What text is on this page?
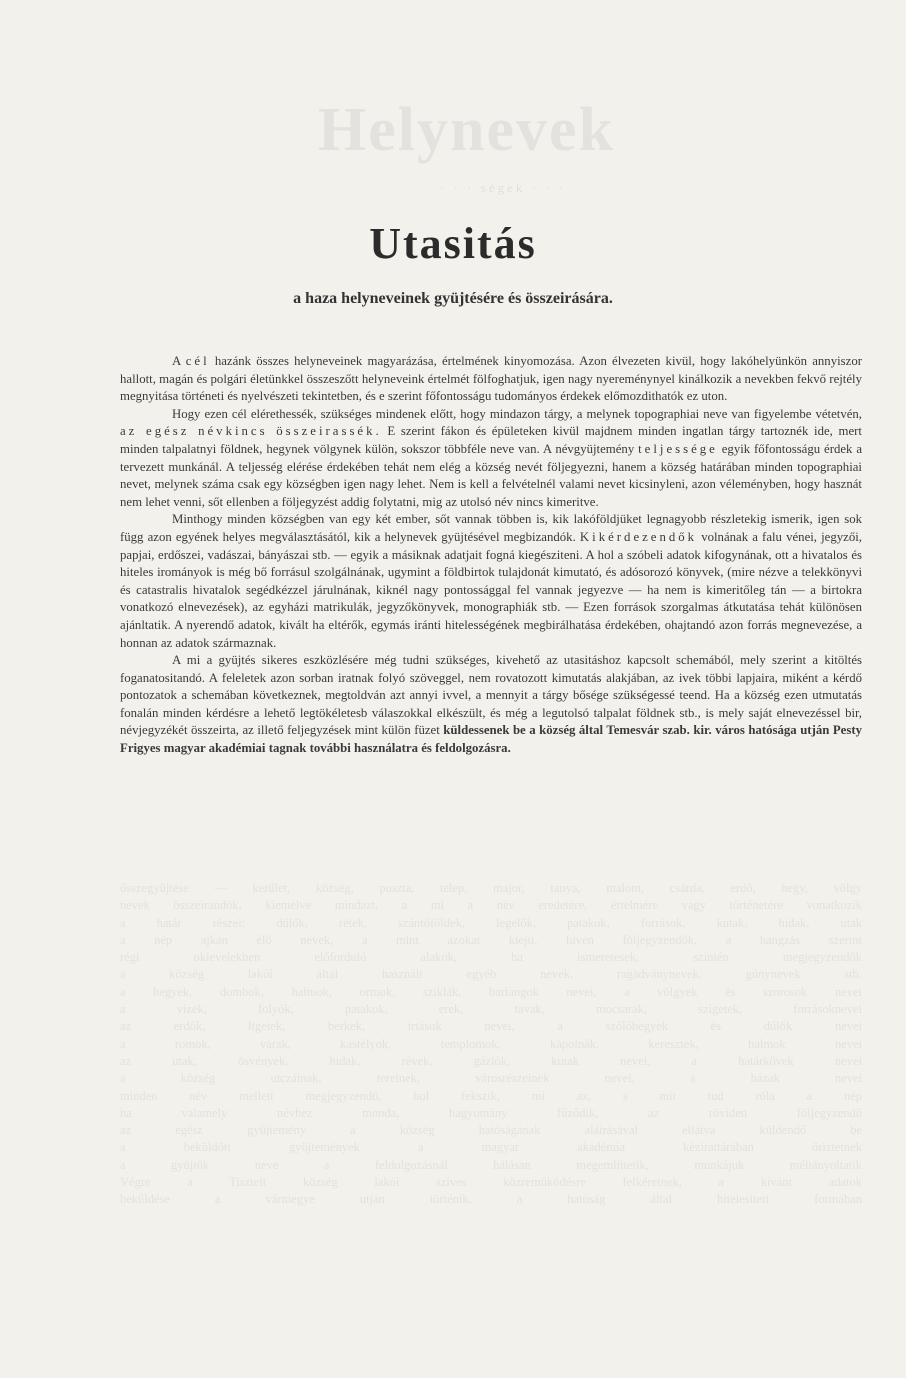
Helynevek
· · · ségek · · ·
Utasitás
a haza helyneveinek gyüjtésére és összeirására.

A cél hazánk összes helyneveinek magyarázása, értelmének kinyomozása. Azon élvezeten kivül, hogy lakóhelyünkön annyiszor hallott, magán és polgári életünkkel összeszőtt helyneveink értelmét fölfoghatjuk, igen nagy nyereménynyel kinálkozik a nevekben fekvő rejtély megnyitása történeti és nyelvészeti tekintetben, és e szerint főfontosságu tudományos érdekek előmozdithatók ez uton.

Hogy ezen cél elérethessék, szükséges mindenek előtt, hogy mindazon tárgy, a melynek topographiai neve van figyelembe vétetvén, az egész névkincs összeirassék. E szerint fákon és épületeken kivül majdnem minden ingatlan tárgy tartoznék ide, mert minden talpalatnyi földnek, hegynek völgynek külön, sokszor többféle neve van. A névgyüjtemény teljessége egyik főfontosságu érdek a tervezett munkánál. A teljesség elérése érdekében tehát nem elég a község nevét följegyezni, hanem a község határában minden topographiai nevet, melynek száma csak egy községben igen nagy lehet. Nem is kell a felvételnél valami nevet kicsinyleni, azon véleményben, hogy hasznát nem lehet venni, sőt ellenben a följegyzést addig folytatni, mig az utolsó név nincs kimeritve.

Minthogy minden községben van egy két ember, sőt vannak többen is, kik lakóföldjüket legnagyobb részletekig ismerik, igen sok függ azon egyének helyes megválasztásától, kik a helynevek gyüjtésével megbizandók. Kikérdezendők volnának a falu vénei, jegyzői, papjai, erdőszei, vadászai, bányászai stb. — egyik a másiknak adatjait fogná kiegésziteni. A hol a szóbeli adatok kifogynának, ott a hivatalos és hiteles irományok is még bő forrásul szolgálnának, ugymint a földbirtok tulajdonát kimutató, és adósorozó könyvek, (mire nézve a telekkönyvi és catastralis hivatalok segédkézzel járulnának, kiknél nagy pontossággal fel vannak jegyezve — ha nem is kimeritőleg tán — a birtokra vonatkozó elnevezések), az egyházi matrikulák, jegyzőkönyvek, monographiák stb. — Ezen források szorgalmas átkutatása tehát különösen ajánltatik. A nyerendő adatok, kivált ha eltérők, egymás iránti hitelességének megbirálhatása érdekében, ohajtandó azon forrás megnevezése, a honnan az adatok származnak.

A mi a gyüjtés sikeres eszközlésére még tudni szükséges, kivehető az utasitáshoz kapcsolt schemából, mely szerint a kitöltés foganatositandó. A feleletek azon sorban iratnak folyó szöveggel, nem rovatozott kimutatás alakjában, az ivek többi lapjaira, miként a kérdő pontozatok a schemában következnek, megtoldván azt annyi ivvel, a mennyit a tárgy bősége szükségessé teend. Ha a község ezen utmutatás fonalán minden kérdésre a lehető legtökéletesb válaszokkal elkészült, és még a legutolsó talpalat földnek stb., is mely saját elnevezéssel bir, névjegyzékét összeirta, az illető feljegyzések mint külön füzet küldessenek be a község által Temesvár szab. kir. város hatósága utján Pesty Frigyes magyar akadémiai tagnak további használatra és feldolgozásra.

ősszegyüjtése — kerület, község, puszta, telep, major, tanya, malom, csárda, erdő, hegy, völgy
nevek összeirandók, kiemelve mindazt, a mi a név eredetére, értelmére vagy történetére vonatkozik
a határ részei: dűlők, rétek, szántóföldek, legelők, patakok, források, kutak, hidak, utak
a nép ajkán élő nevek, a mint azokat kiejti, hiven följegyzendők, a hangzás szerint
régi oklevelekben előforduló alakok, ha ismeretesek, szintén megjegyzendők
a község lakói által használt egyéb nevek, ragadványnevek, gúnynevek stb.
a hegyek, dombok, halmok, ormok, sziklák, barlangok nevei, a völgyek és szorosok nevei
a vizek, folyók, patakok, erek, tavak, mocsarak, szigetek, forrásoknevei
az erdők, ligetek, berkek, irtások nevei, a szőlőhegyek és dűlők nevei
a romok, várak, kastélyok, templomok, kápolnák, keresztek, halmok nevei
az utak, ösvények, hidak, révek, gázlók, kutak nevei, a határkövek nevei
a község utczáinak, tereinek, városrészeinek nevei, a házak nevei
minden név mellett megjegyzendő, hol fekszik, mi az, s mit tud róla a nép
ha valamely névhez monda, hagyomány fűződik, az röviden följegyzendő
az egész gyüjtemény a község hatóságának aláirásával ellátva küldendő be
a beküldött gyüjtemények a magyar akadémia kézirattárában őriztetnek
a gyüjtők neve a feldolgozásnál hálásan megemlíttetik, munkájuk méltányoltatik
Végre a Tisztelt község lakói szives közreműködésre felkéretnek, a kivánt adatok
beküldése a vármegye utján történik, a hatóság által hitelesitett formában
